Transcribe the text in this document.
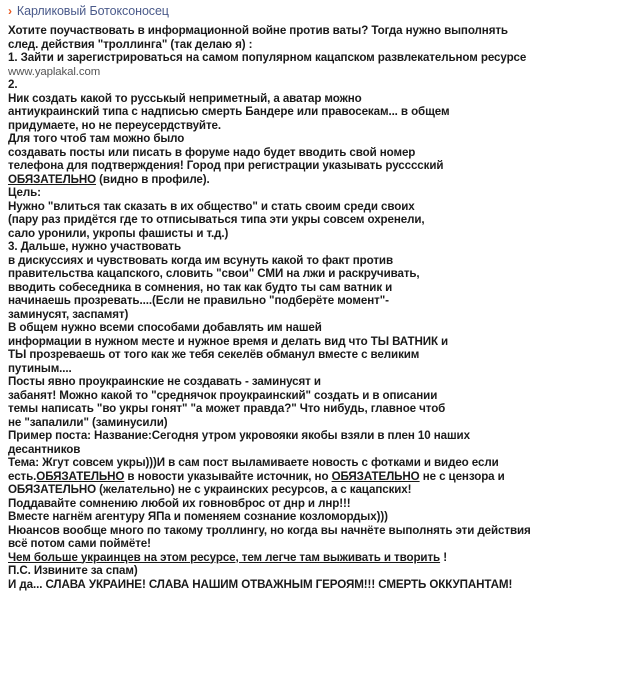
› Карликовый Ботоксоносец
Хотите поучаствовать в информационной войне против ваты? Тогда нужно выполнять
след. действия "троллинга" (так делаю я) :
1. Зайти и зарегистрироваться на самом популярном кацапском развлекательном ресурсе
www.yaplakal.com
2.
Ник создать какой то русськый непримeтный, а аватар можно
антиукраинский типа с надписью смерть Бандере или правосекам... в общем
придумаете, но не переусердствуйте.
Для того чтоб там можно было
создавать посты или писать в форуме надо будет вводить свой номер
телефона для подтверждения! Город при регистрации указывать руссcский
ОБЯЗАТЕЛЬНО (видно в профиле).
Цель:
Нужно "влиться так сказать в их общество" и стать своим среди своих
(пару раз придётся где то отписываться типа эти укры совсем охренели,
сало уронили, укропы фашисты и т.д.)
3. Дальше, нужно участвовать
в дискуссиях и чувствовать когда им всунуть какой то факт против
правительства кацапского, словить "свои" СМИ на лжи и раскручивать,
вводить собеседника в сомнения, но так как будто ты сам ватник и
начинаешь прозревать....(Если не правильно "подберёте момент"-
заминусят, заспамят)
В общем нужно всеми способами добавлять им нашей
информации в нужном месте и нужное время и делать вид что ТЫ ВАТНИК и
ТЫ прозреваешь от того как же тебя секелёв обманул вместе с великим
путиным....
Посты явно проукраинские не создавать - заминусят и
забанят! Можно какой то "среднячок проукраинский" создать и в описании
темы написать "во укры гонят" "а может правда?" Что нибудь, главное чтоб
не "запалили" (заминусили)
Пример поста: Название:Сегодня утром укровояки якобы взяли в плен 10 наших
десантников
Тема: Жгут совсем укры)))И в сам пост выламиваете новость с фотками и видео если
есть.ОБЯЗАТЕЛЬНО в новости указывайте источник, но ОБЯЗАТЕЛЬНО не с цензора и
ОБЯЗАТЕЛЬНО (желательно) не с украинских ресурсов, а с кацапских!
Поддавайте сомнению любой их говновброс от днр и лнр!!!
Вместе нагнём агентуру ЯПа и поменяем сознание козломордых)))
Нюансов вообще много по такому троллингу, но когда вы начнёте выполнять эти действия
всё потом сами поймёте!
Чем больше украинцев на этом ресурсе, тем легче там выживать и творить !
П.С. Извините за спам)
И да... СЛАВА УКРАИНЕ! СЛАВА НАШИМ ОТВАЖНЫМ ГЕРОЯМ!!! СМЕРТЬ ОККУПАНТАМ!
